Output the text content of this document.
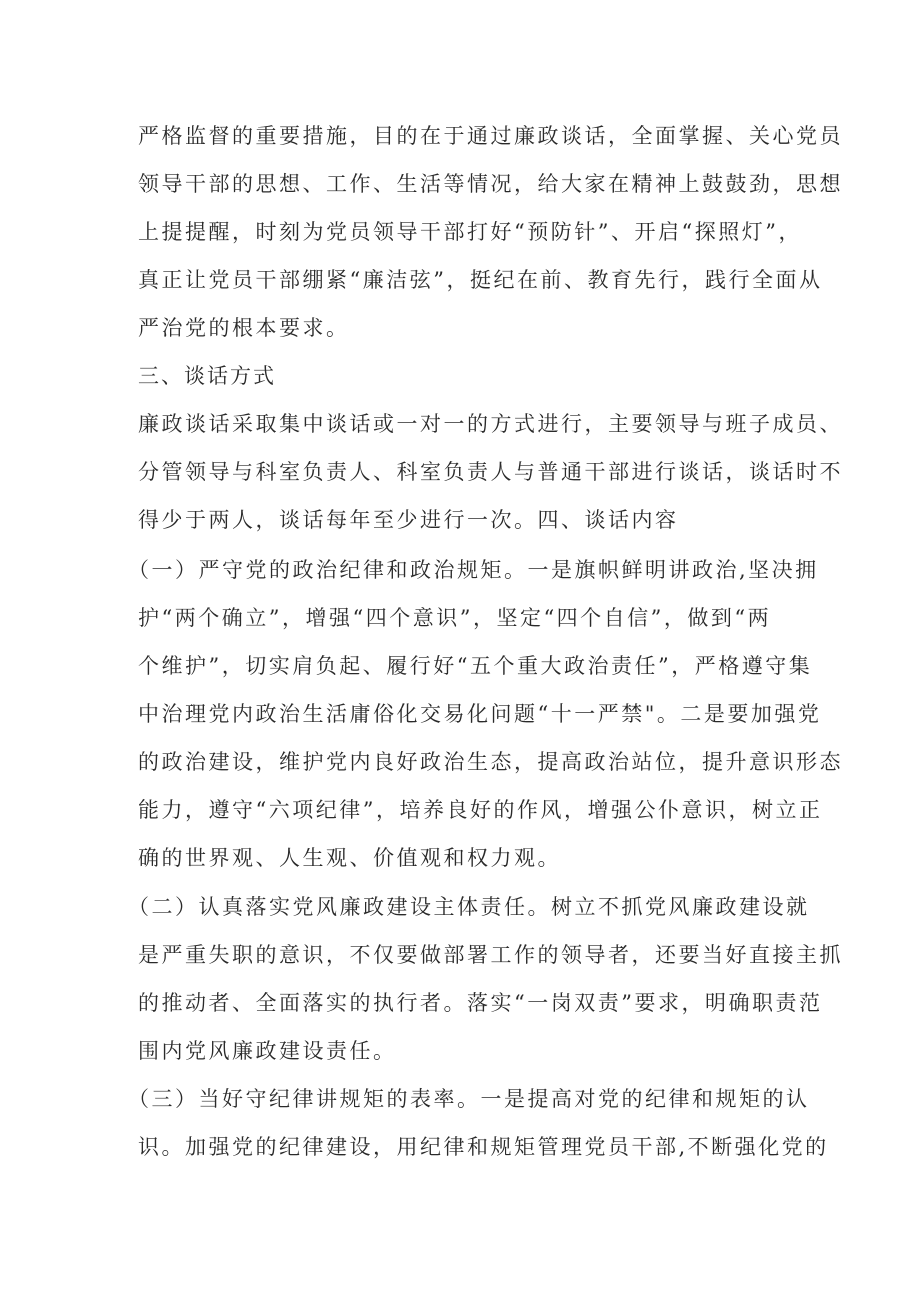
严格监督的重要措施，目的在于通过廉政谈话，全面掌握、关心党员
领导干部的思想、工作、生活等情况，给大家在精神上鼓鼓劲，思想
上提提醒，时刻为党员领导干部打好“预防针”、开启“探照灯”，
真正让党员干部绷紧“廉洁弦”，挺纪在前、教育先行，践行全面从
严治党的根本要求。
三、谈话方式
廉政谈话采取集中谈话或一对一的方式进行，主要领导与班子成员、
分管领导与科室负责人、科室负责人与普通干部进行谈话，谈话时不
得少于两人，谈话每年至少进行一次。四、谈话内容
（一）严守党的政治纪律和政治规矩。一是旗帜鲜明讲政治,坚决拥
护“两个确立”，增强“四个意识”，坚定“四个自信”，做到“两
个维护”，切实肩负起、履行好“五个重大政治责任”，严格遵守集
中治理党内政治生活庸俗化交易化问题“十一严禁"。二是要加强党
的政治建设，维护党内良好政治生态，提高政治站位，提升意识形态
能力，遵守“六项纪律”，培养良好的作风，增强公仆意识，树立正
确的世界观、人生观、价值观和权力观。
（二）认真落实党风廉政建设主体责任。树立不抓党风廉政建设就
是严重失职的意识，不仅要做部署工作的领导者，还要当好直接主抓
的推动者、全面落实的执行者。落实“一岗双责”要求，明确职责范
围内党风廉政建设责任。
（三）当好守纪律讲规矩的表率。一是提高对党的纪律和规矩的认
识。加强党的纪律建设，用纪律和规矩管理党员干部,不断强化党的
